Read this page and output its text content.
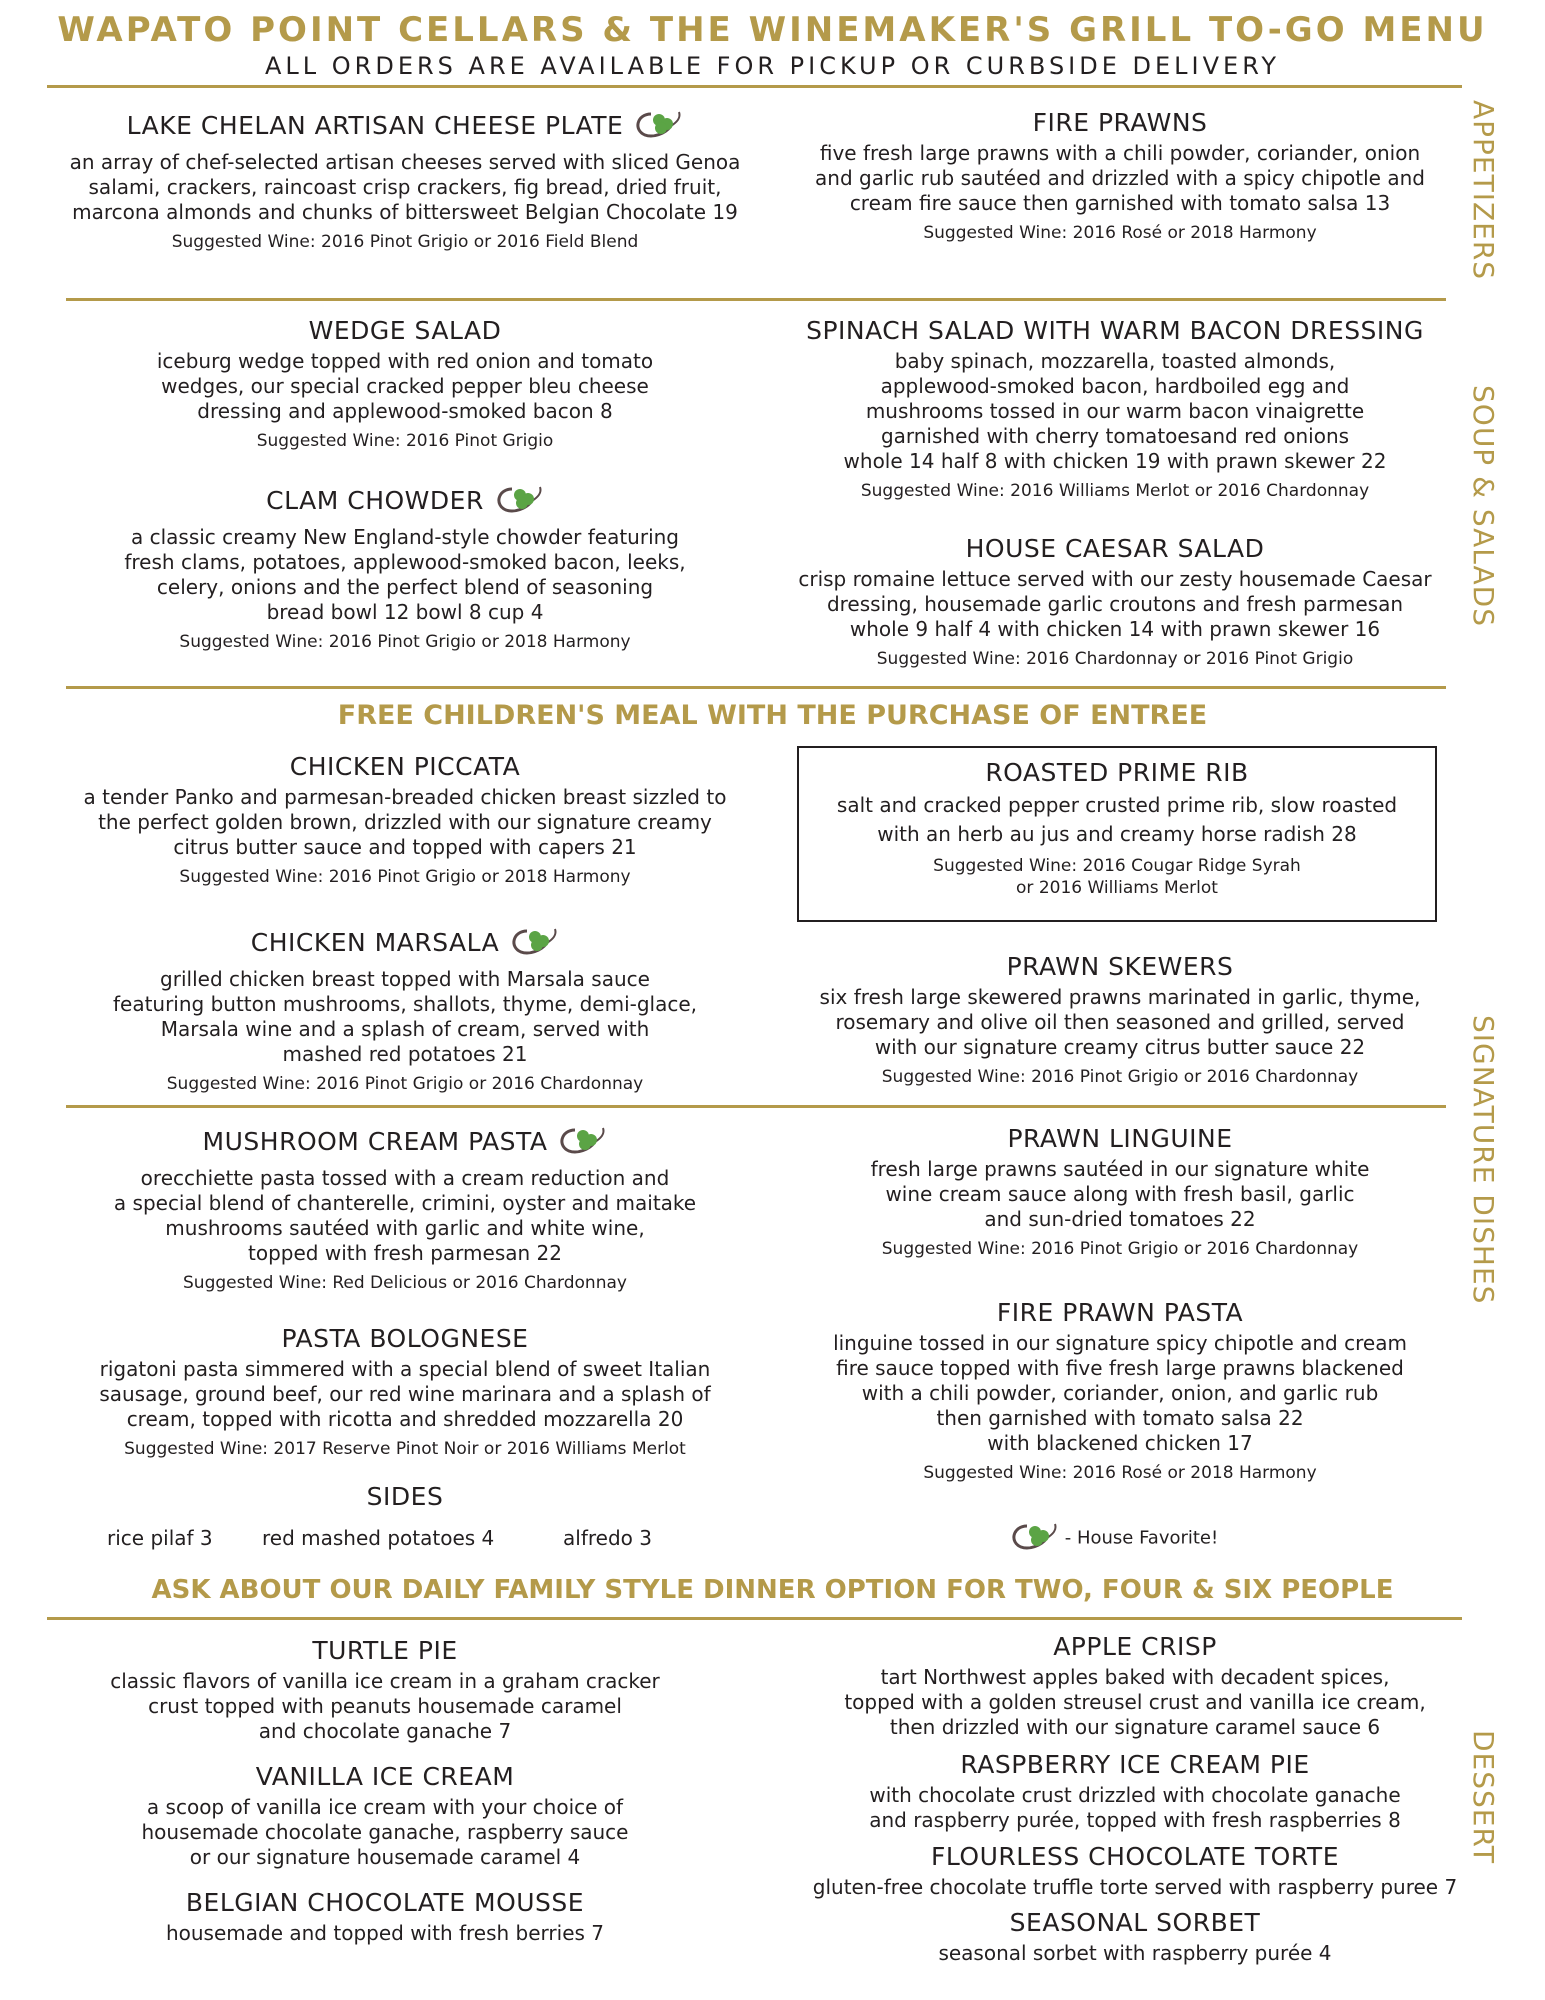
WAPATO POINT CELLARS & THE WINEMAKER'S GRILL TO-GO MENU
ALL ORDERS ARE AVAILABLE FOR PICKUP OR CURBSIDE DELIVERY
APPETIZERS
SOUP & SALADS
SIGNATURE DISHES
DESSERT
LAKE CHELAN ARTISAN CHEESE PLATE

an array of chef-selected artisan cheeses served with sliced Genoa
salami, crackers, raincoast crisp crackers, fig bread, dried fruit,
marcona almonds and chunks of bittersweet Belgian Chocolate 19

Suggested Wine: 2016 Pinot Grigio or 2016 Field Blend

FIRE PRAWNS

five fresh large prawns with a chili powder, coriander, onion
and garlic rub sautéed and drizzled with a spicy chipotle and
cream fire sauce then garnished with tomato salsa 13

Suggested Wine: 2016 Rosé or 2018 Harmony

WEDGE SALAD

iceburg wedge topped with red onion and tomato
wedges, our special cracked pepper bleu cheese
dressing and applewood-smoked bacon 8

Suggested Wine: 2016 Pinot Grigio

CLAM CHOWDER

a classic creamy New England-style chowder featuring
fresh clams, potatoes, applewood-smoked bacon, leeks,
celery, onions and the perfect blend of seasoning
bread bowl 12 bowl 8 cup 4

Suggested Wine: 2016 Pinot Grigio or 2018 Harmony

SPINACH SALAD WITH WARM BACON DRESSING

baby spinach, mozzarella, toasted almonds,
applewood-smoked bacon, hardboiled egg and
mushrooms tossed in our warm bacon vinaigrette
garnished with cherry tomatoesand red onions
whole 14 half 8 with chicken 19 with prawn skewer 22

Suggested Wine: 2016 Williams Merlot or 2016 Chardonnay

HOUSE CAESAR SALAD

crisp romaine lettuce served with our zesty housemade Caesar
dressing, housemade garlic croutons and fresh parmesan
whole 9 half 4 with chicken 14 with prawn skewer 16

Suggested Wine: 2016 Chardonnay or 2016 Pinot Grigio

FREE CHILDREN'S MEAL WITH THE PURCHASE OF ENTREE
CHICKEN PICCATA

a tender Panko and parmesan-breaded chicken breast sizzled to
the perfect golden brown, drizzled with our signature creamy
citrus butter sauce and topped with capers 21

Suggested Wine: 2016 Pinot Grigio or 2018 Harmony

ROASTED PRIME RIB

salt and cracked pepper crusted prime rib, slow roasted
with an herb au jus and creamy horse radish 28

Suggested Wine: 2016 Cougar Ridge Syrah
or 2016 Williams Merlot

CHICKEN MARSALA

grilled chicken breast topped with Marsala sauce
featuring button mushrooms, shallots, thyme, demi-glace,
Marsala wine and a splash of cream, served with
mashed red potatoes 21

Suggested Wine: 2016 Pinot Grigio or 2016 Chardonnay

PRAWN SKEWERS

six fresh large skewered prawns marinated in garlic, thyme,
rosemary and olive oil then seasoned and grilled, served
with our signature creamy citrus butter sauce 22

Suggested Wine: 2016 Pinot Grigio or 2016 Chardonnay

MUSHROOM CREAM PASTA

orecchiette pasta tossed with a cream reduction and
a special blend of chanterelle, crimini, oyster and maitake
mushrooms sautéed with garlic and white wine,
topped with fresh parmesan 22

Suggested Wine: Red Delicious or 2016 Chardonnay

PRAWN LINGUINE

fresh large prawns sautéed in our signature white
wine cream sauce along with fresh basil, garlic
and sun-dried tomatoes 22

Suggested Wine: 2016 Pinot Grigio or 2016 Chardonnay

PASTA BOLOGNESE

rigatoni pasta simmered with a special blend of sweet Italian
sausage, ground beef, our red wine marinara and a splash of
cream, topped with ricotta and shredded mozzarella 20

Suggested Wine: 2017 Reserve Pinot Noir or 2016 Williams Merlot

FIRE PRAWN PASTA

linguine tossed in our signature spicy chipotle and cream
fire sauce topped with five fresh large prawns blackened
with a chili powder, coriander, onion, and garlic rub
then garnished with tomato salsa 22
with blackened chicken 17

Suggested Wine: 2016 Rosé or 2018 Harmony

SIDES
rice pilaf 3 red mashed potatoes 4	alfredo 3	- House Favorite!
ASK ABOUT OUR DAILY FAMILY STYLE DINNER OPTION FOR TWO, FOUR & SIX PEOPLE
TURTLE PIE

classic flavors of vanilla ice cream in a graham cracker
crust topped with peanuts housemade caramel
and chocolate ganache 7

VANILLA ICE CREAM

a scoop of vanilla ice cream with your choice of
housemade chocolate ganache, raspberry sauce
or our signature housemade caramel 4

BELGIAN CHOCOLATE MOUSSE

housemade and topped with fresh berries 7

APPLE CRISP

tart Northwest apples baked with decadent spices,
topped with a golden streusel crust and vanilla ice cream,
then drizzled with our signature caramel sauce 6

RASPBERRY ICE CREAM PIE

with chocolate crust drizzled with chocolate ganache
and raspberry purée, topped with fresh raspberries 8

FLOURLESS CHOCOLATE TORTE

gluten-free chocolate truffle torte served with raspberry puree 7

SEASONAL SORBET

seasonal sorbet with raspberry purée 4
